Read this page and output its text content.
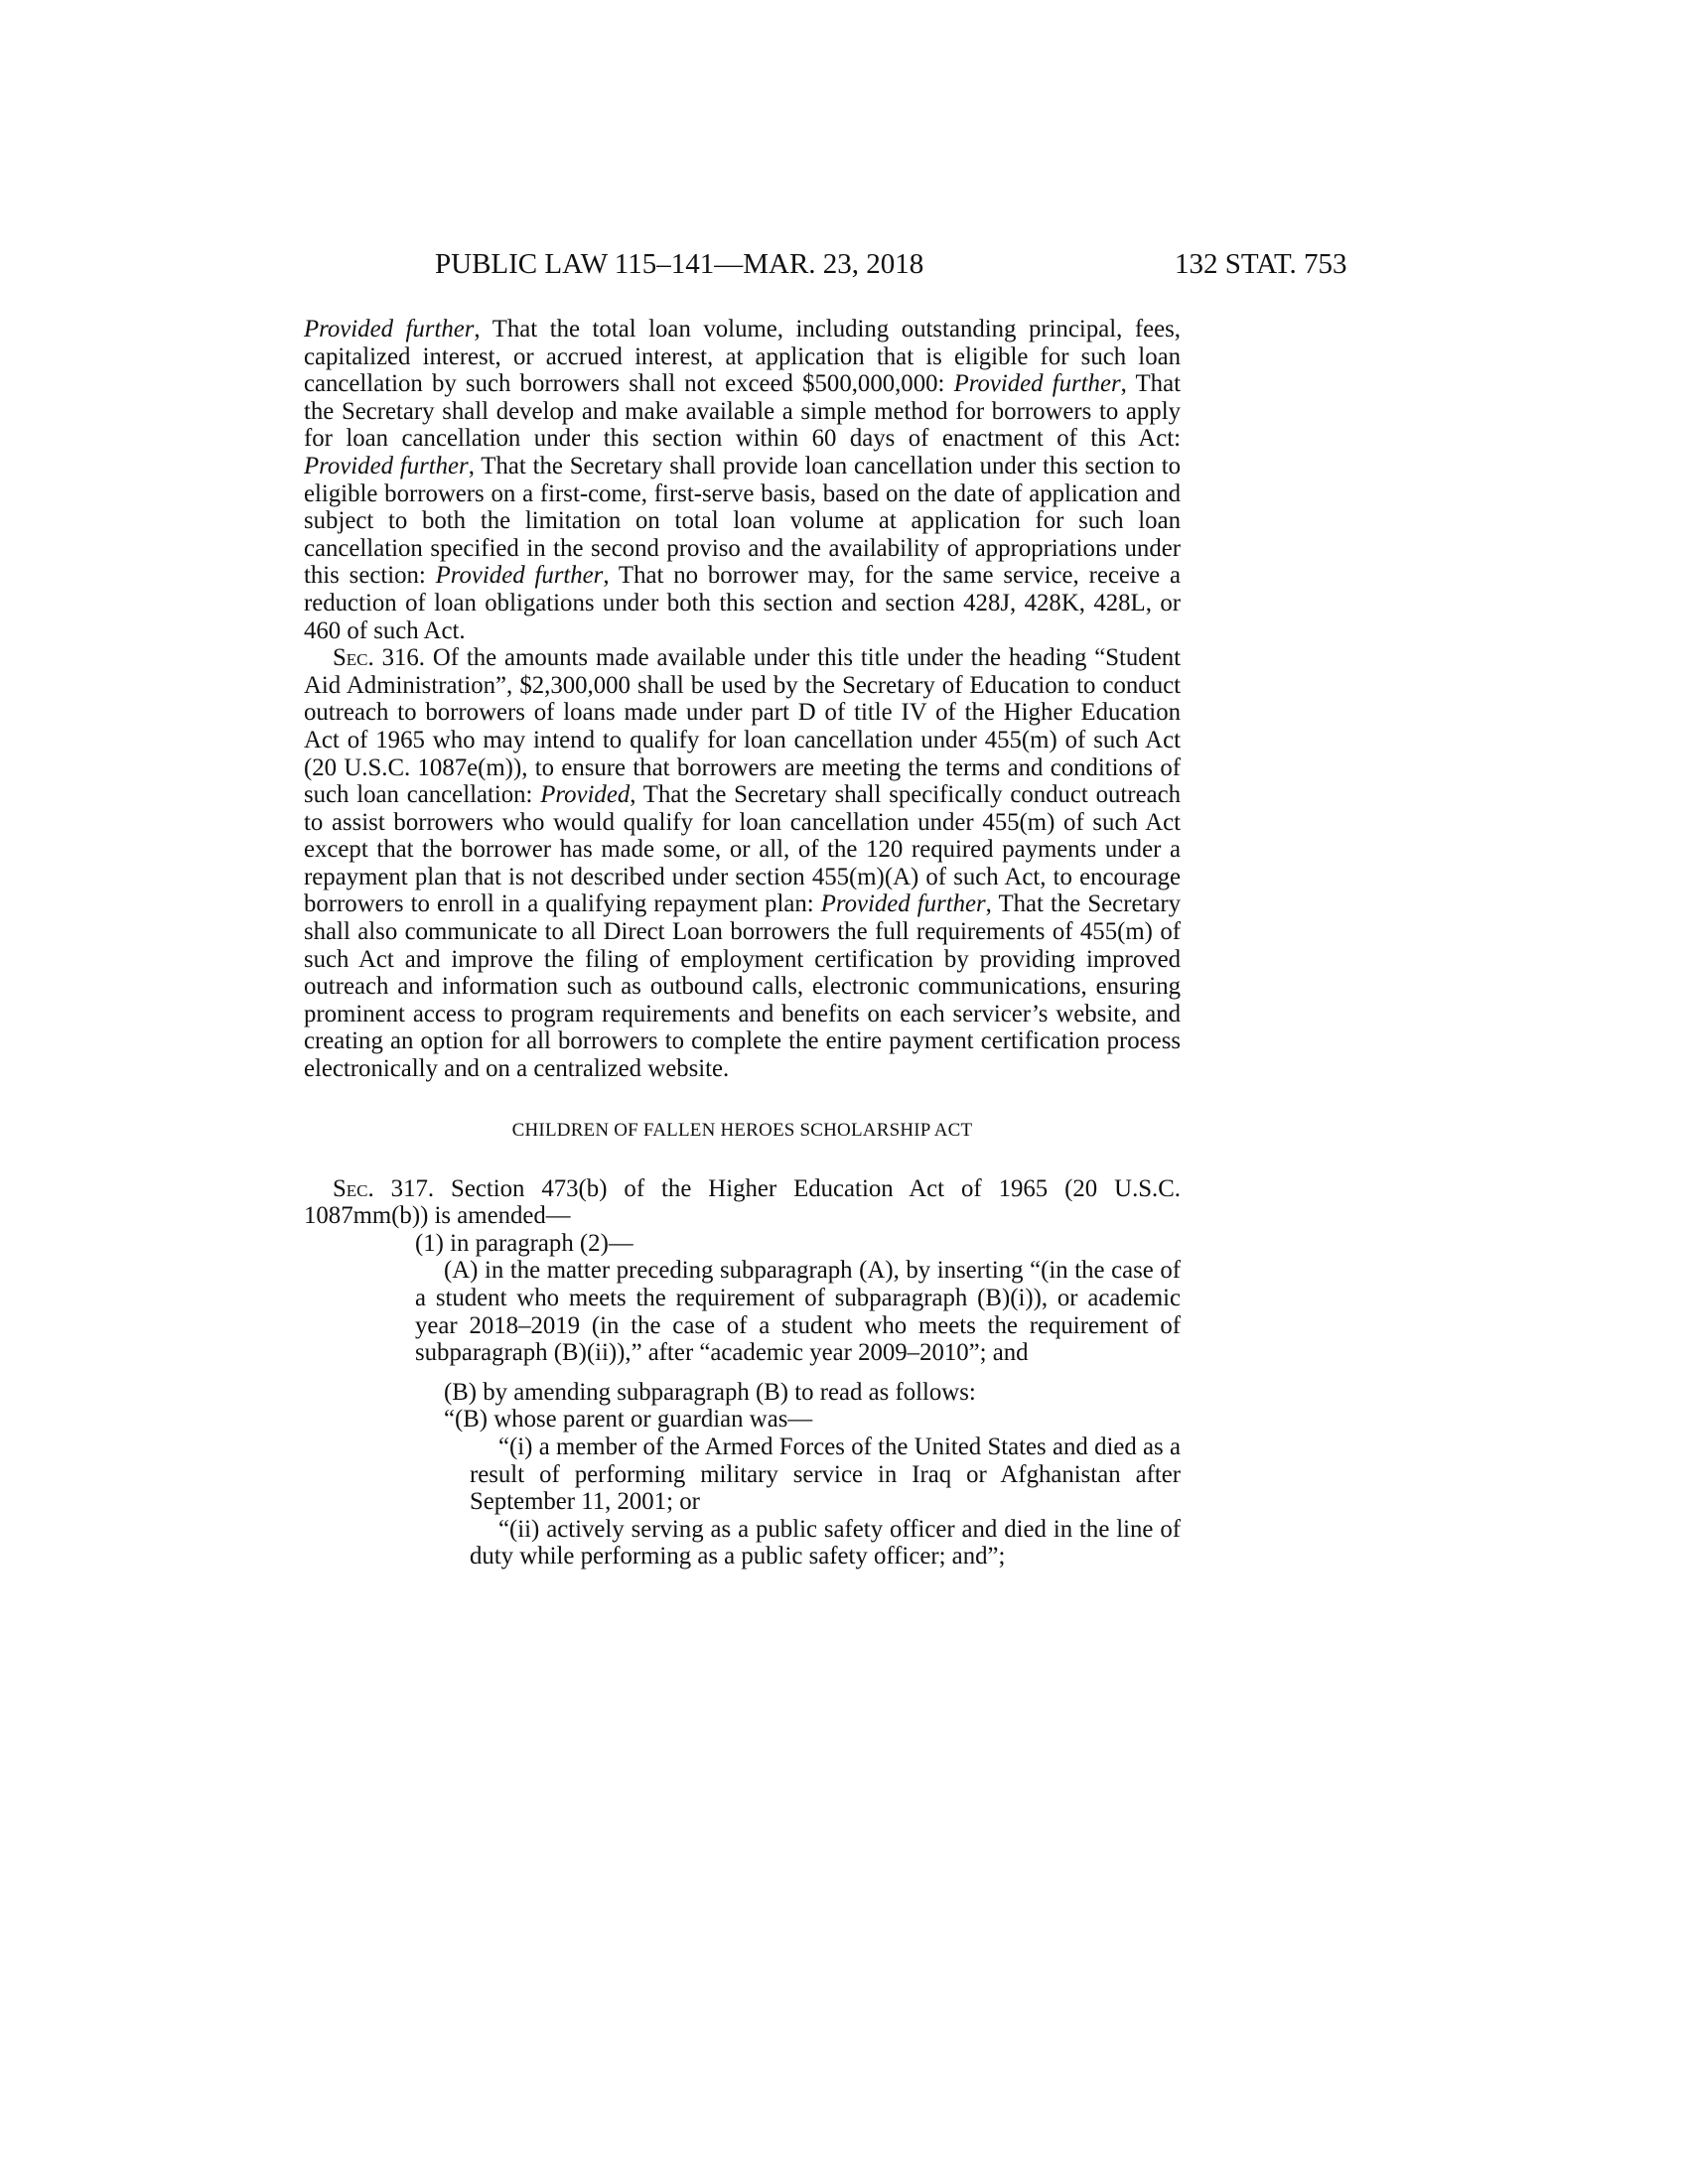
PUBLIC LAW 115–141—MAR. 23, 2018	132 STAT. 753

Provided further, That the total loan volume, including outstanding principal, fees, capitalized interest, or accrued interest, at application that is eligible for such loan cancellation by such borrowers shall not exceed $500,000,000: Provided further, That the Secretary shall develop and make available a simple method for borrowers to apply for loan cancellation under this section within 60 days of enactment of this Act: Provided further, That the Secretary shall provide loan cancellation under this section to eligible borrowers on a first-come, first-serve basis, based on the date of application and subject to both the limitation on total loan volume at application for such loan cancellation specified in the second proviso and the availability of appropriations under this section: Provided further, That no borrower may, for the same service, receive a reduction of loan obligations under both this section and section 428J, 428K, 428L, or 460 of such Act.

Sec. 316. Of the amounts made available under this title under the heading “Student Aid Administration”, $2,300,000 shall be used by the Secretary of Education to conduct outreach to borrowers of loans made under part D of title IV of the Higher Education Act of 1965 who may intend to qualify for loan cancellation under 455(m) of such Act (20 U.S.C. 1087e(m)), to ensure that borrowers are meeting the terms and conditions of such loan cancellation: Provided, That the Secretary shall specifically conduct outreach to assist borrowers who would qualify for loan cancellation under 455(m) of such Act except that the borrower has made some, or all, of the 120 required payments under a repayment plan that is not described under section 455(m)(A) of such Act, to encourage borrowers to enroll in a qualifying repayment plan: Provided further, That the Secretary shall also communicate to all Direct Loan borrowers the full requirements of 455(m) of such Act and improve the filing of employment certification by providing improved outreach and information such as outbound calls, electronic communications, ensuring prominent access to program requirements and benefits on each servicer’s website, and creating an option for all borrowers to complete the entire payment certification process electronically and on a centralized website.

CHILDREN OF FALLEN HEROES SCHOLARSHIP ACT

Sec. 317. Section 473(b) of the Higher Education Act of 1965 (20 U.S.C. 1087mm(b)) is amended—

(1) in paragraph (2)—

(A) in the matter preceding subparagraph (A), by inserting “(in the case of a student who meets the requirement of subparagraph (B)(i)), or academic year 2018–2019 (in the case of a student who meets the requirement of subparagraph (B)(ii)),” after “academic year 2009–2010”; and

(B) by amending subparagraph (B) to read as follows:

“(B) whose parent or guardian was—

“(i) a member of the Armed Forces of the United States and died as a result of performing military service in Iraq or Afghanistan after September 11, 2001; or

“(ii) actively serving as a public safety officer and died in the line of duty while performing as a public safety officer; and”;
